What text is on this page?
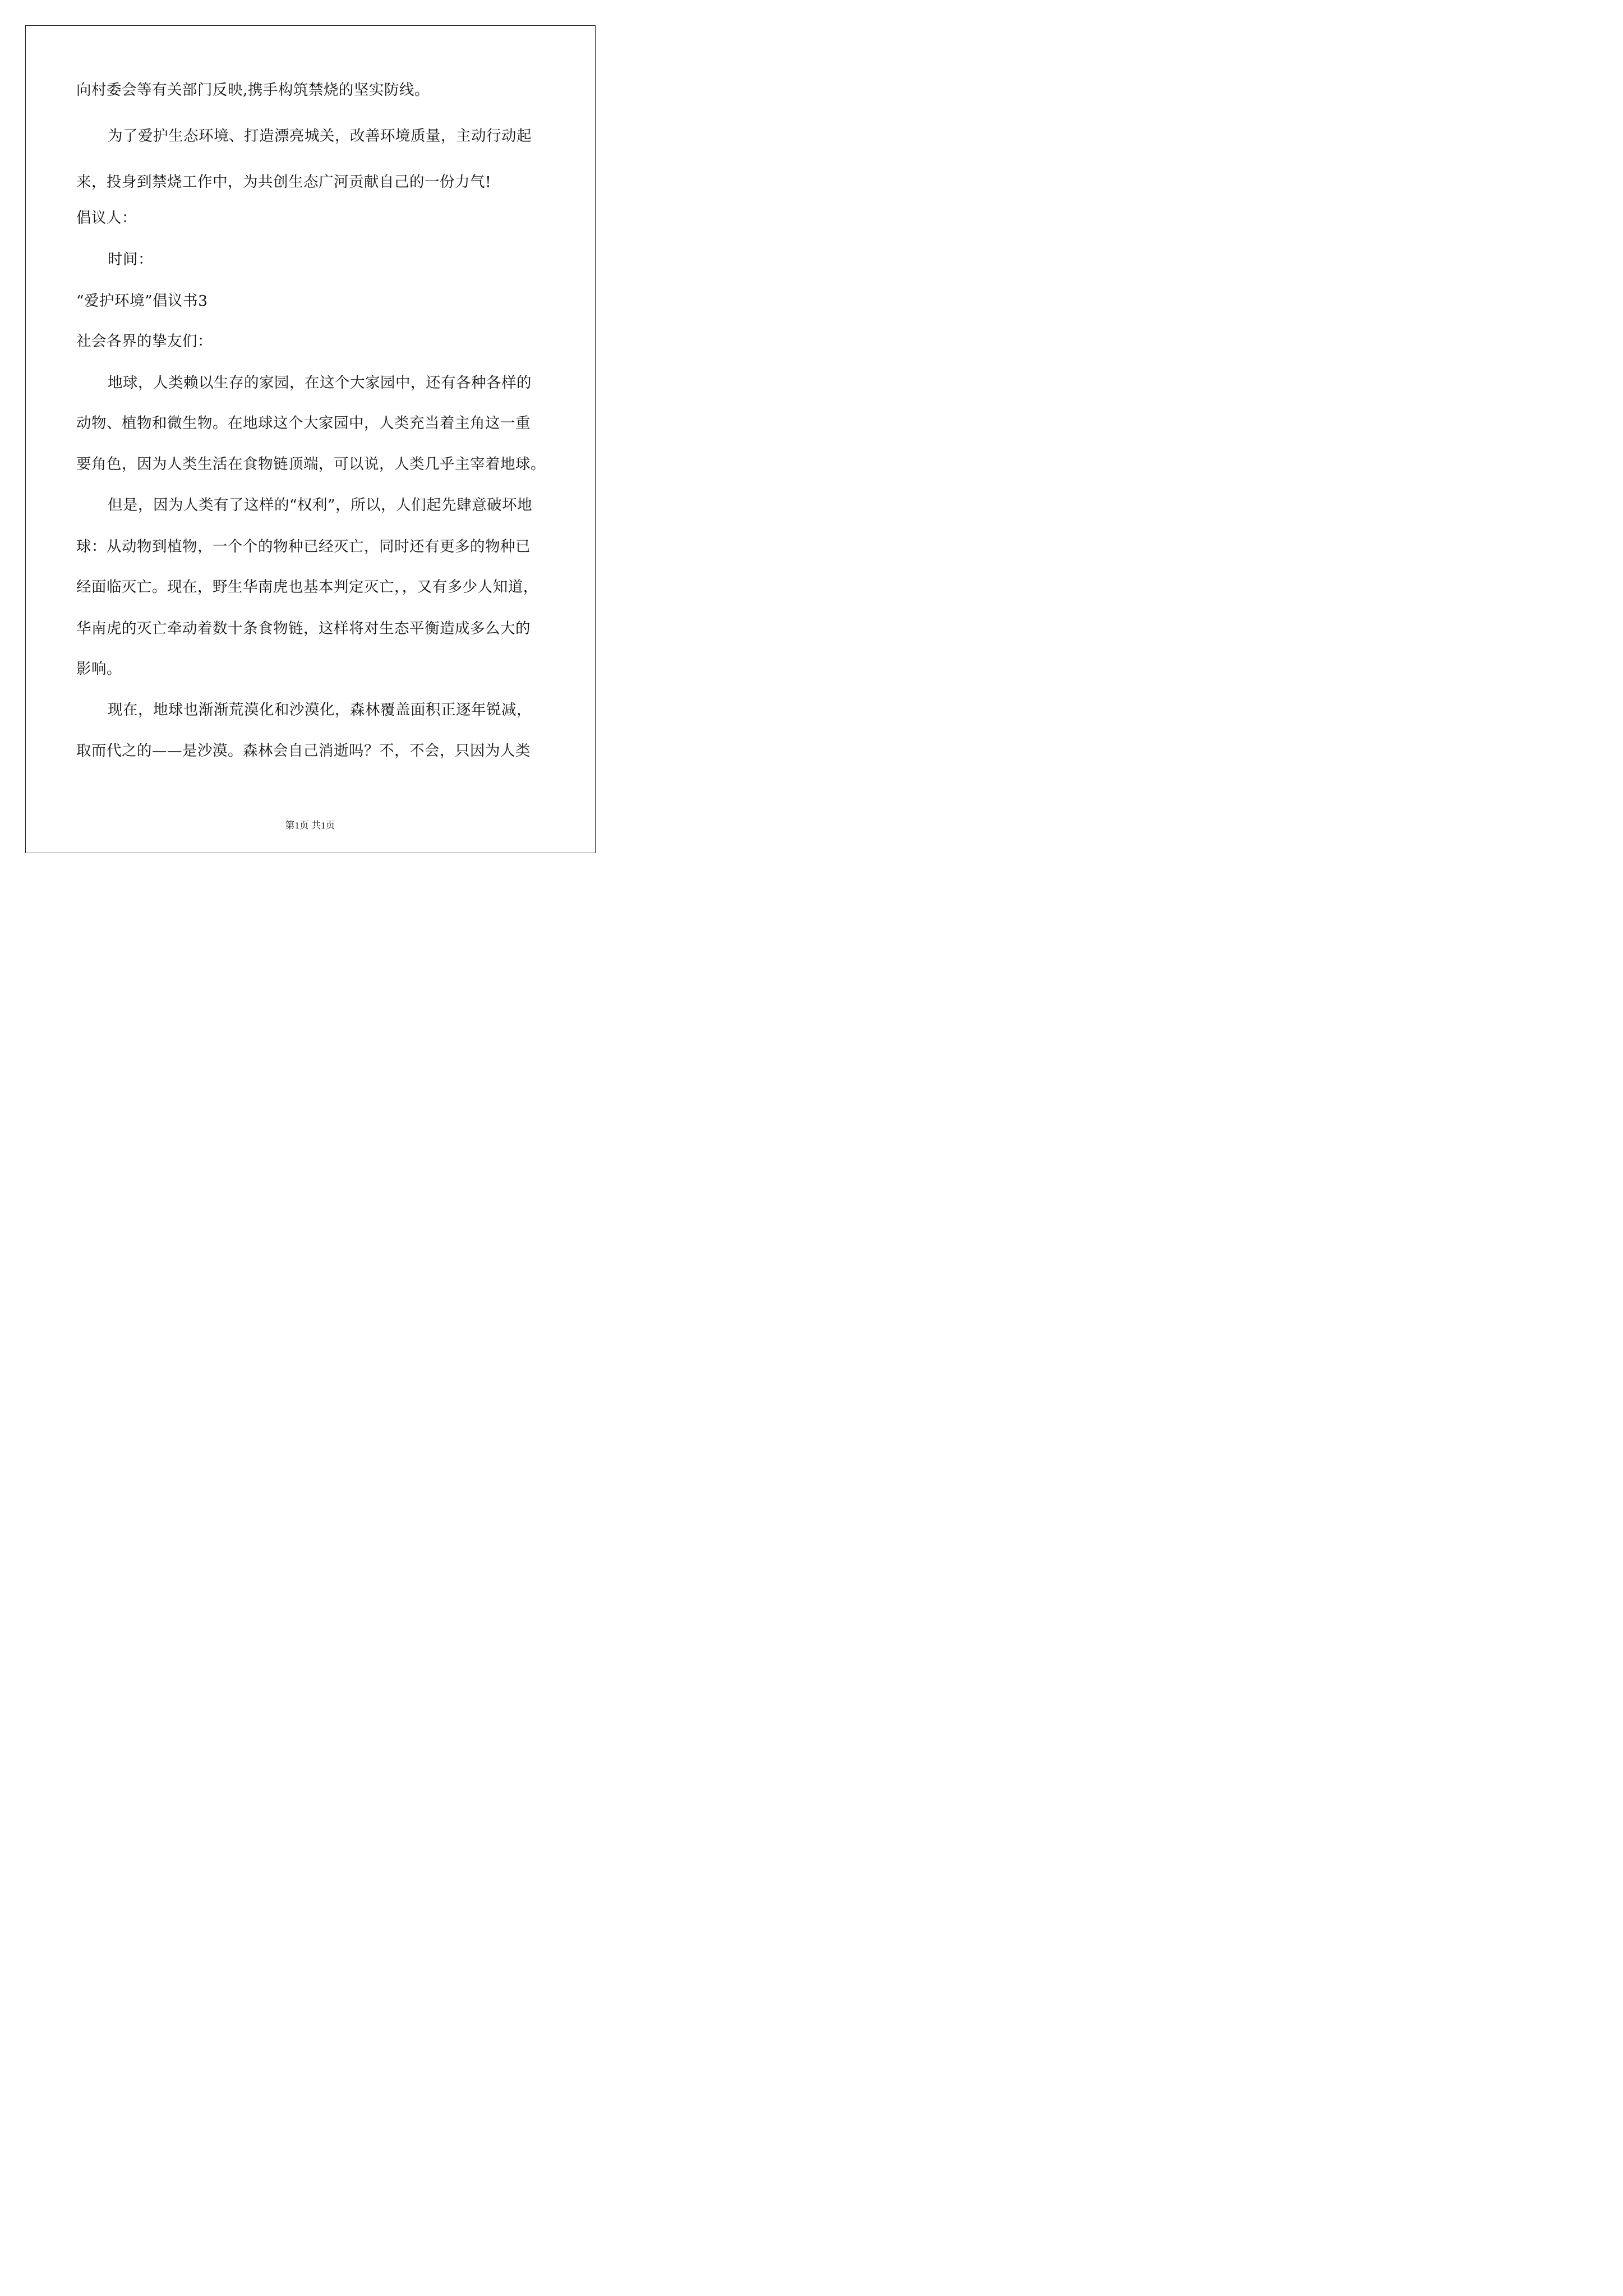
向村委会等有关部门反映,携手构筑禁烧的坚实防线。
为了爱护生态环境、打造漂亮城关，改善环境质量，主动行动起
来，投身到禁烧工作中，为共创生态广河贡献自己的一份力气!
倡议人：
时间：
“爱护环境”倡议书3
社会各界的挚友们：
地球，人类赖以生存的家园，在这个大家园中，还有各种各样的
动物、植物和微生物。在地球这个大家园中，人类充当着主角这一重
要角色，因为人类生活在食物链顶端，可以说，人类几乎主宰着地球。
但是，因为人类有了这样的“权利”，所以，人们起先肆意破坏地
球：从动物到植物，一个个的物种已经灭亡，同时还有更多的物种已
经面临灭亡。现在，野生华南虎也基本判定灭亡，，又有多少人知道，
华南虎的灭亡牵动着数十条食物链，这样将对生态平衡造成多么大的
影响。
现在，地球也渐渐荒漠化和沙漠化，森林覆盖面积正逐年锐减，
取而代之的——是沙漠。森林会自己消逝吗？不，不会，只因为人类
第1页 共1页
